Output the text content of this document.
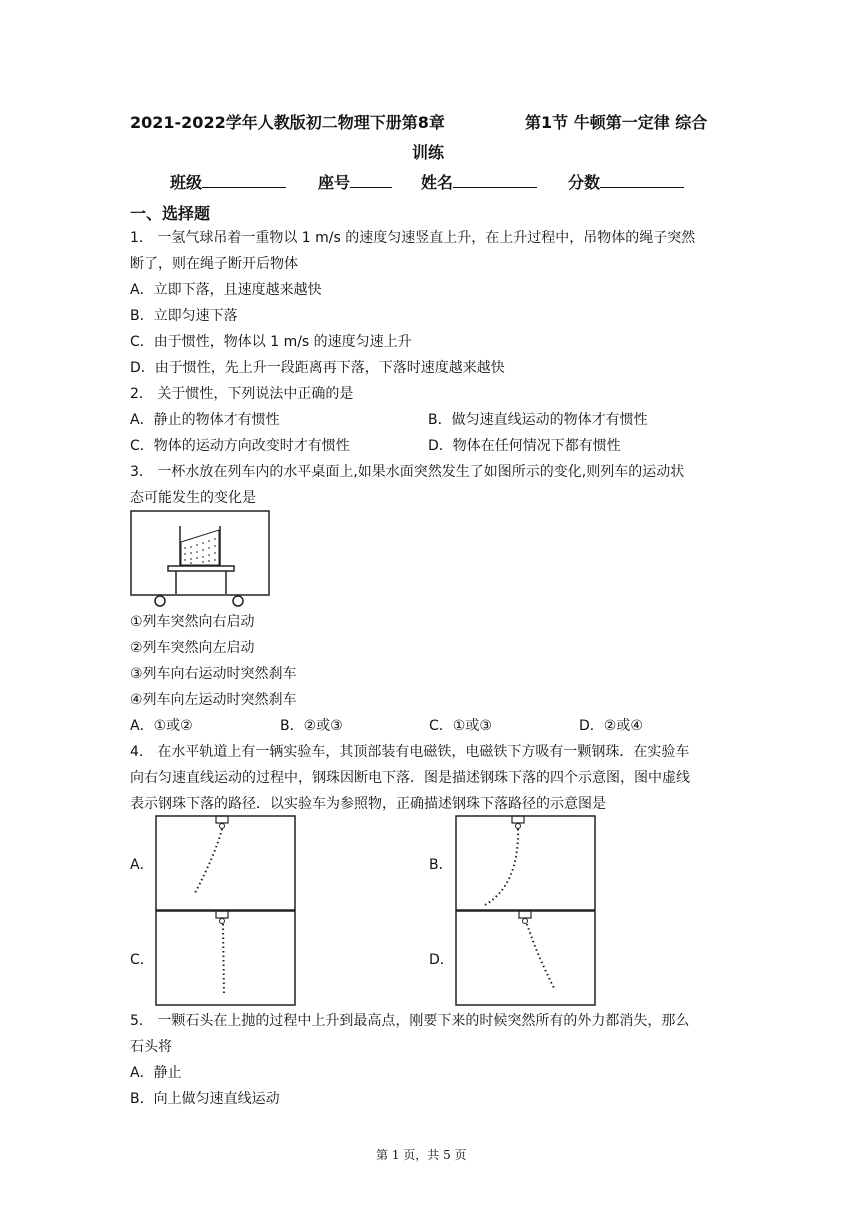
2021-2022学年人教版初二物理下册第8章	第1节 牛顿第一定律 综合
训练
班级	座号	姓名	分数
一、选择题
1． 一氢气球吊着一重物以 1 m/s 的速度匀速竖直上升，在上升过程中，吊物体的绳子突然
断了，则在绳子断开后物体
A．立即下落，且速度越来越快
B．立即匀速下落
C．由于惯性，物体以 1 m/s 的速度匀速上升
D．由于惯性，先上升一段距离再下落，下落时速度越来越快
2． 关于惯性，下列说法中正确的是
A．静止的物体才有惯性	B．做匀速直线运动的物体才有惯性
C．物体的运动方向改变时才有惯性	D．物体在任何情况下都有惯性
3． 一杯水放在列车内的水平桌面上,如果水面突然发生了如图所示的变化,则列车的运动状
态可能发生的变化是
①列车突然向右启动
②列车突然向左启动
③列车向右运动时突然刹车
④列车向左运动时突然刹车
A．①或②	B．②或③	C．①或③	D．②或④
4． 在水平轨道上有一辆实验车，其顶部装有电磁铁，电磁铁下方吸有一颗钢珠．在实验车
向右匀速直线运动的过程中，钢珠因断电下落．图是描述钢珠下落的四个示意图，图中虚线
表示钢珠下落的路径．以实验车为参照物，正确描述钢珠下落路径的示意图是
A．	B．
C．	D．
5． 一颗石头在上抛的过程中上升到最高点，刚要下来的时候突然所有的外力都消失，那么
石头将
A．静止
B．向上做匀速直线运动
第 1 页，共 5 页
